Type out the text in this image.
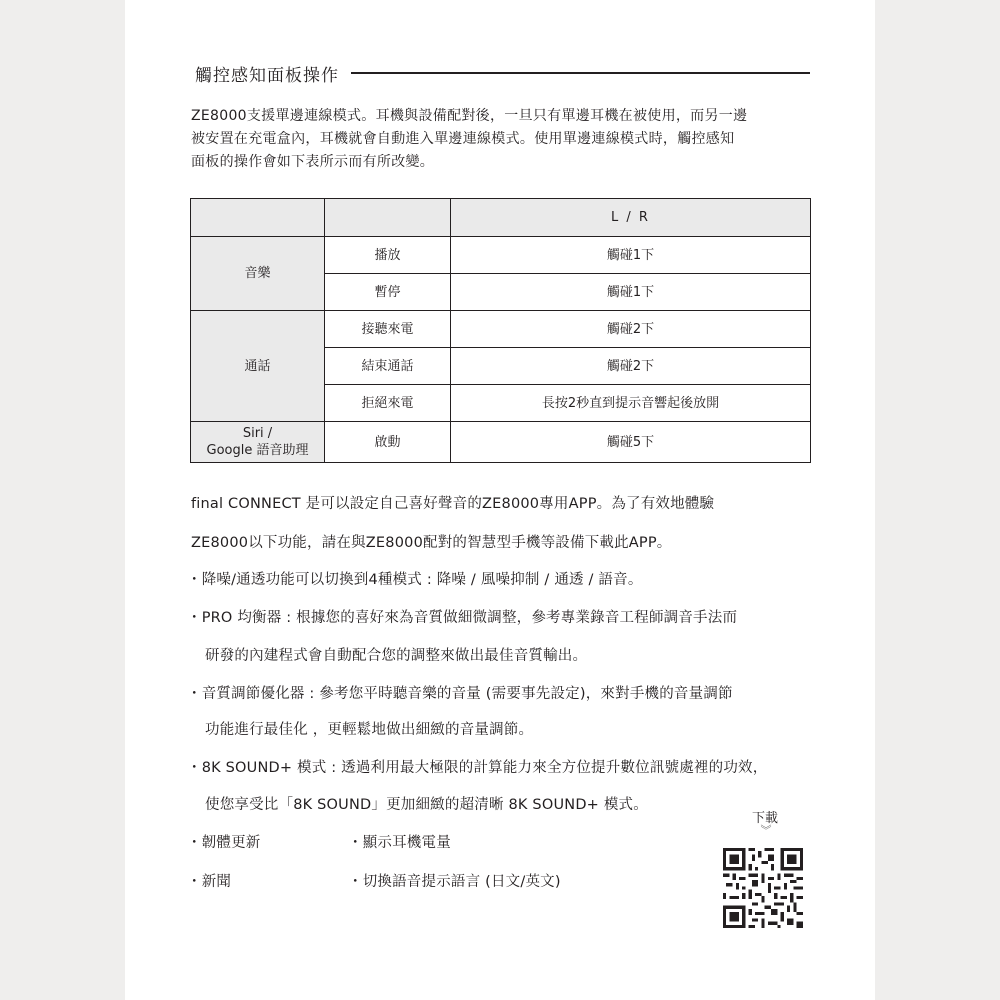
觸控感知面板操作
ZE8000支援單邊連線模式。耳機與設備配對後，一旦只有單邊耳機在被使用，而另一邊
被安置在充電盒內，耳機就會自動進入單邊連線模式。使用單邊連線模式時，觸控感知
面板的操作會如下表所示而有所改變。
		L / R
音樂	播放	觸碰1下
	暫停	觸碰1下
通話	接聽來電	觸碰2下
	結束通話	觸碰2下
	拒絕來電	長按2秒直到提示音響起後放開

Siri /
Google 語音助理	啟動	觸碰5下
final CONNECT 是可以設定自己喜好聲音的ZE8000專用APP。為了有效地體驗
ZE8000以下功能，請在與ZE8000配對的智慧型手機等設備下載此APP。
・降噪/通透功能可以切換到4種模式 : 降噪 / 風噪抑制 / 通透 / 語音。
・PRO 均衡器 : 根據您的喜好來為音質做細微調整，參考專業錄音工程師調音手法而
研發的內建程式會自動配合您的調整來做出最佳音質輸出。
・音質調節優化器 : 參考您平時聽音樂的音量 (需要事先設定)，來對手機的音量調節
功能進行最佳化 ，更輕鬆地做出細緻的音量調節。
・8K SOUND+ 模式 : 透過利用最大極限的計算能力來全方位提升數位訊號處裡的功效，
使您享受比「8K SOUND」更加細緻的超清晰 8K SOUND+ 模式。
・韌體更新	・顯示耳機電量
・新聞	・切換語音提示語言 (日文/英文)
下載
︾
